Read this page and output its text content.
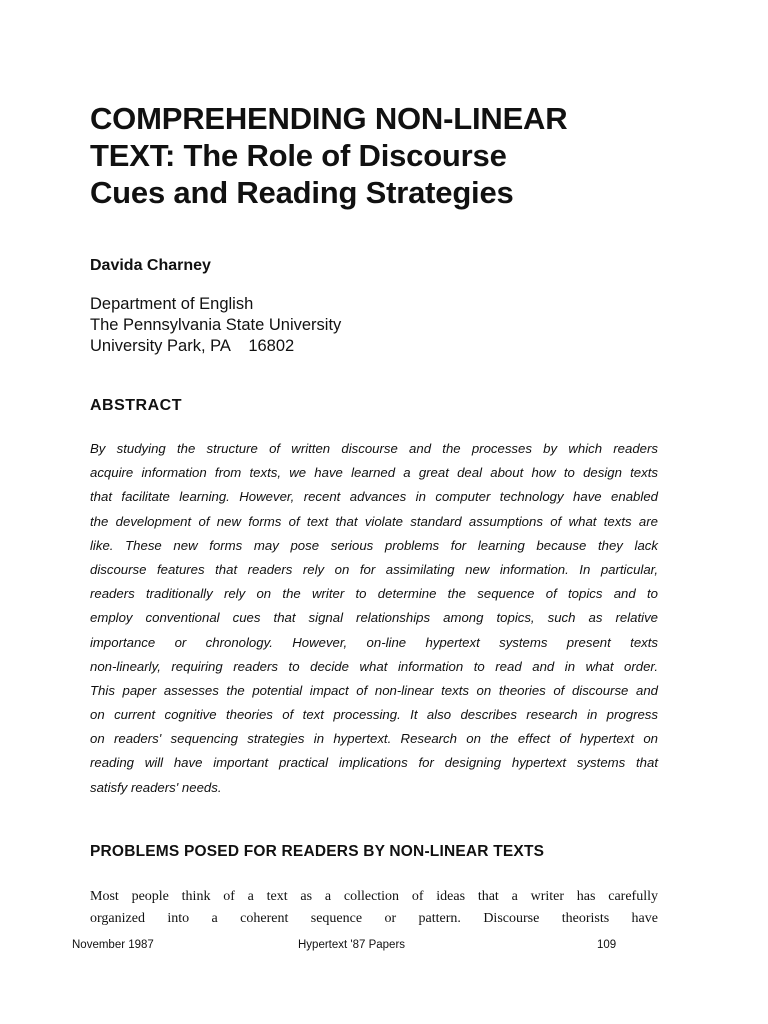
COMPREHENDING NON-LINEAR
TEXT: The Role of Discourse
Cues and Reading Strategies

Davida Charney

Department of English
The Pennsylvania State University
University Park, PA    16802

ABSTRACT
By studying the structure of written discourse and the processes by which readers
acquire information from texts, we have learned a great deal about how to design texts
that facilitate learning. However, recent advances in computer technology have enabled
the development of new forms of text that violate standard assumptions of what texts are
like. These new forms may pose serious problems for learning because they lack
discourse features that readers rely on for assimilating new information. In particular,
readers traditionally rely on the writer to determine the sequence of topics and to
employ conventional cues that signal relationships among topics, such as relative
importance or chronology. However, on-line hypertext systems present texts
non-linearly, requiring readers to decide what information to read and in what order.
This paper assesses the potential impact of non-linear texts on theories of discourse and
on current cognitive theories of text processing. It also describes research in progress
on readers' sequencing strategies in hypertext. Research on the effect of hypertext on
reading will have important practical implications for designing hypertext systems that
satisfy readers' needs.
PROBLEMS POSED FOR READERS BY NON-LINEAR TEXTS
Most people think of a text as a collection of ideas that a writer has carefully
organized into a coherent sequence or pattern. Discourse theorists have
November 1987	Hypertext '87 Papers	109
